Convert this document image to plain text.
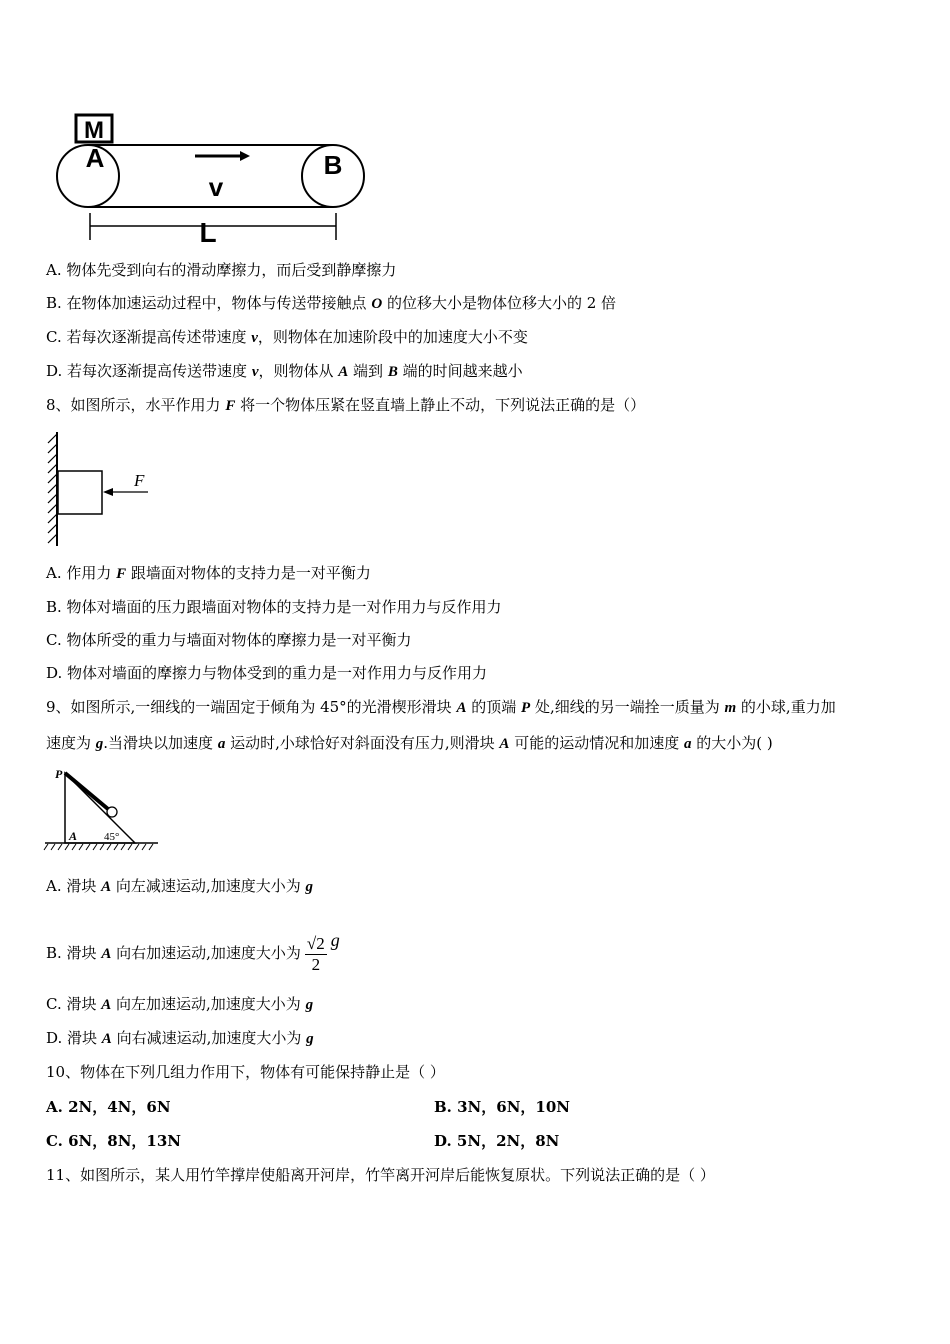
M
A	B
v
L
A. 物体先受到向右的滑动摩擦力，而后受到静摩擦力
B. 在物体加速运动过程中，物体与传送带接触点 O 的位移大小是物体位移大小的 2 倍
C. 若每次逐渐提高传述带速度 v，则物体在加速阶段中的加速度大小不变
D. 若每次逐渐提高传送带速度 v，则物体从 A 端到 B 端的时间越来越小
8、如图所示，水平作用力 F 将一个物体压紧在竖直墙上静止不动，下列说法正确的是（）
F
A. 作用力 F 跟墙面对物体的支持力是一对平衡力
B. 物体对墙面的压力跟墙面对物体的支持力是一对作用力与反作用力
C. 物体所受的重力与墙面对物体的摩擦力是一对平衡力
D. 物体对墙面的摩擦力与物体受到的重力是一对作用力与反作用力
9、如图所示,一细线的一端固定于倾角为 45°的光滑楔形滑块 A 的顶端 P 处,细线的另一端拴一质量为 m 的小球,重力加
速度为 g.当滑块以加速度 a 运动时,小球恰好对斜面没有压力,则滑块 A 可能的运动情况和加速度 a 的大小为( )
P
A 45°
A. 滑块 A 向左减速运动,加速度大小为 g
B. 滑块 A 向右加速运动,加速度大小为 $\frac{√2}{2}$ g
C. 滑块 A 向左加速运动,加速度大小为 g
D. 滑块 A 向右减速运动,加速度大小为 g
10、物体在下列几组力作用下，物体有可能保持静止是（ ）
A. 2N，4N，6N	B. 3N，6N，10N
C. 6N，8N，13N	D. 5N，2N，8N
11、如图所示，某人用竹竿撑岸使船离开河岸，竹竿离开河岸后能恢复原状。下列说法正确的是（ ）
